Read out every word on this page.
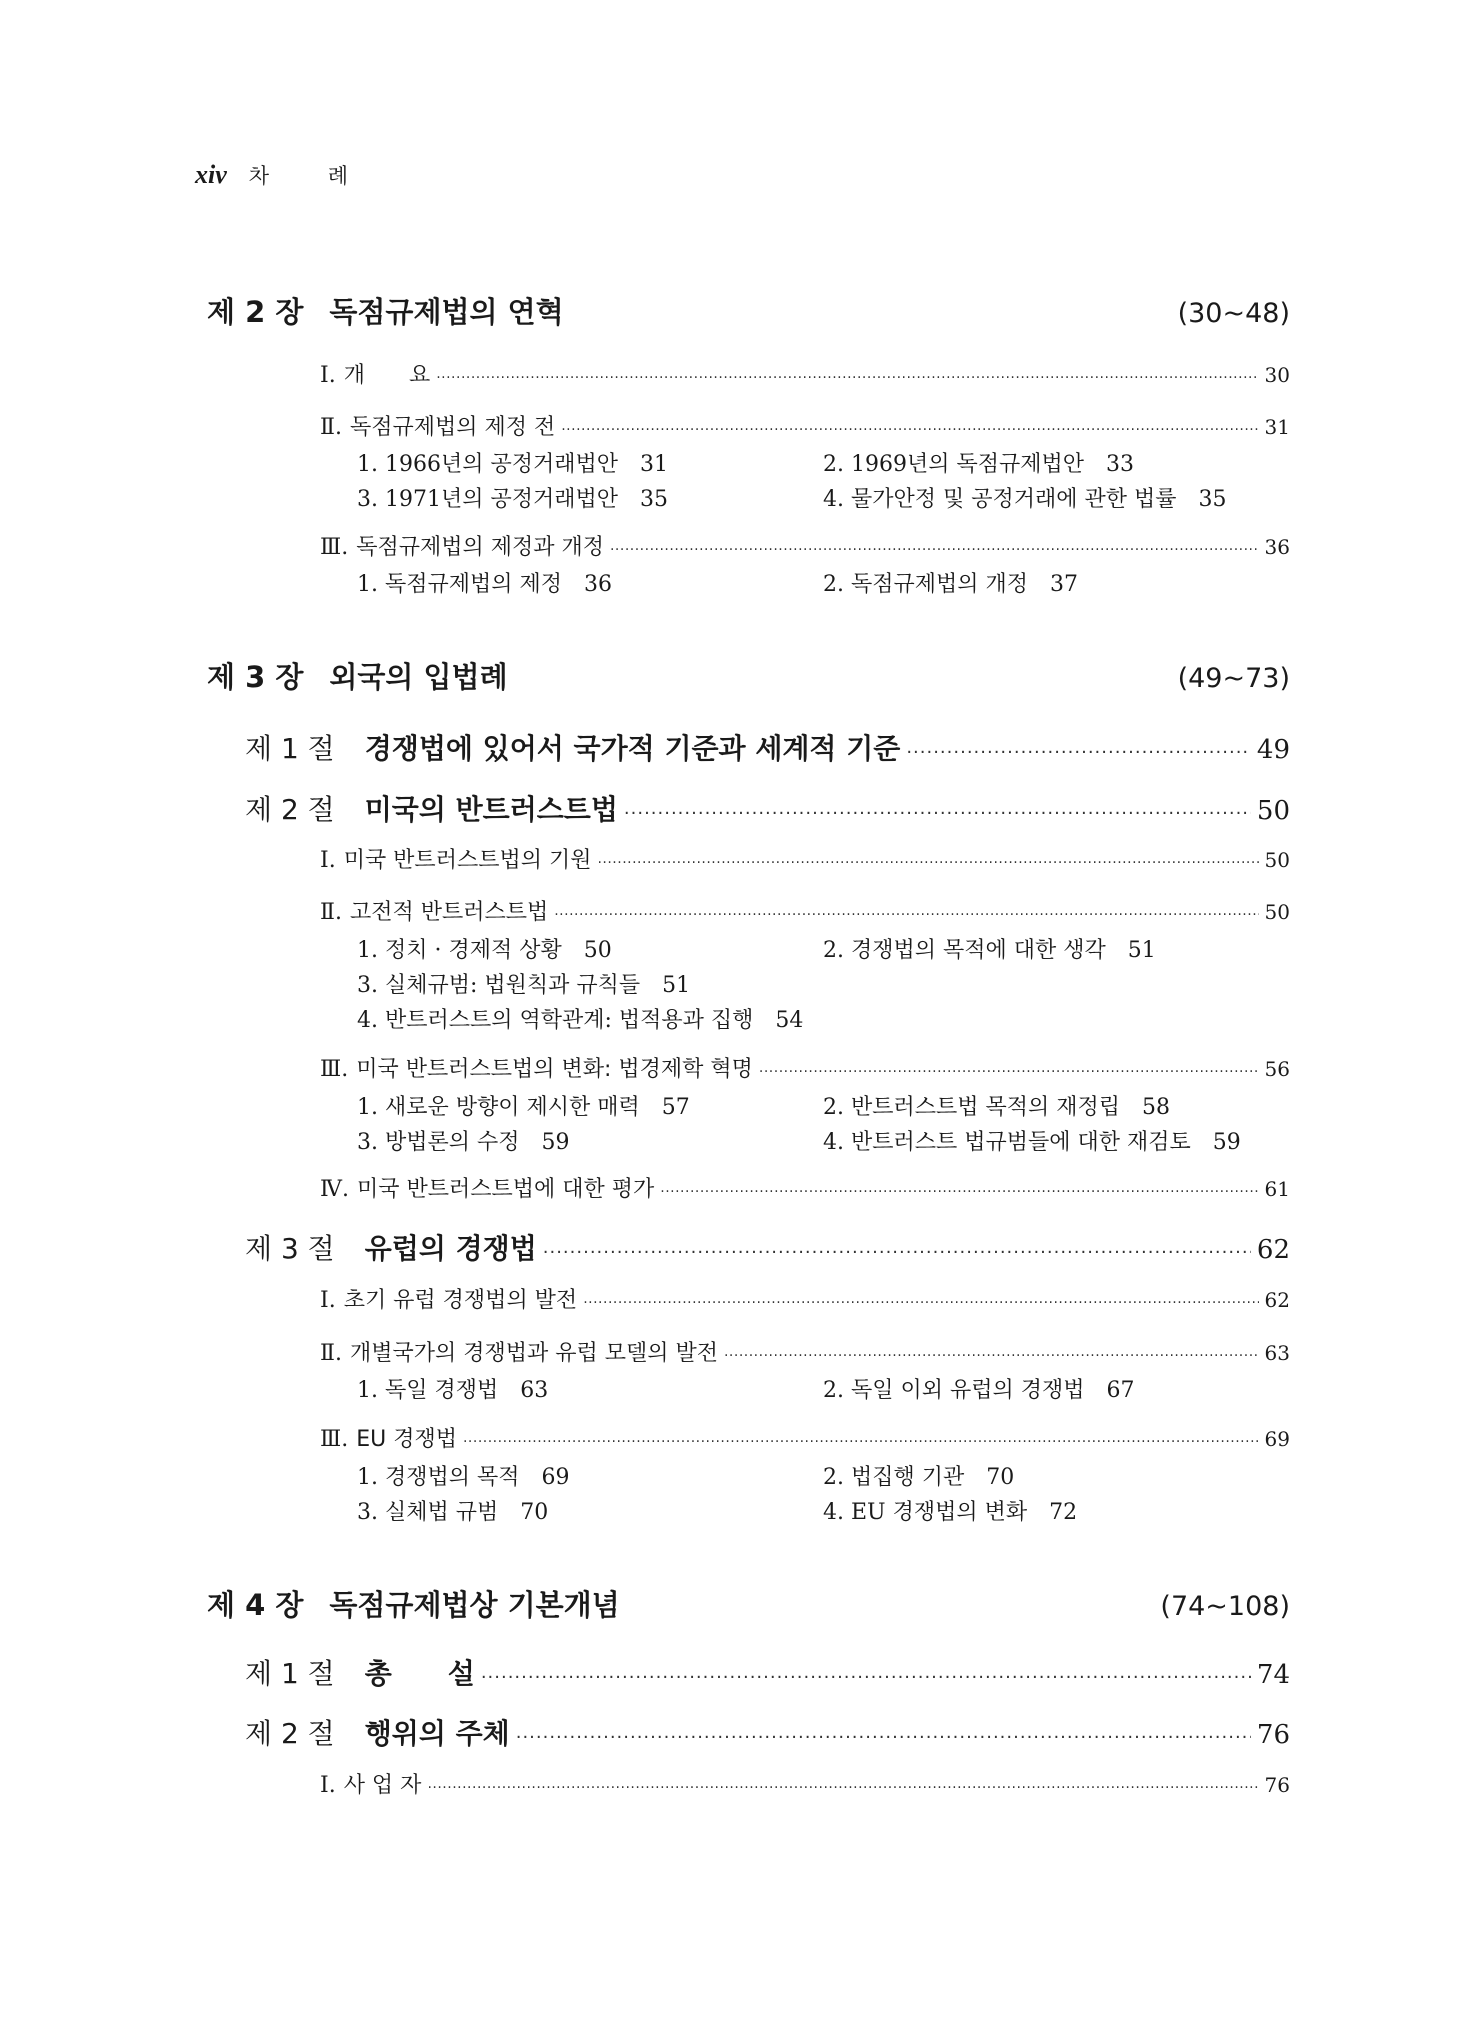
xiv 차 례
제 2 장 독점규제법의 연혁	(30~48)
Ⅰ. 개　　요 ·····	30
Ⅱ. 독점규제법의 제정 전 ·····	31
1. 1966년의 공정거래법안　31	2. 1969년의 독점규제법안　33
3. 1971년의 공정거래법안　35	4. 물가안정 및 공정거래에 관한 법률　35
Ⅲ. 독점규제법의 제정과 개정 ·····	36
1. 독점규제법의 제정　36	2. 독점규제법의 개정　37
제 3 장 외국의 입법례	(49~73)
제 1 절 경쟁법에 있어서 국가적 기준과 세계적 기준 ·····	49
제 2 절 미국의 반트러스트법 ·····	50
Ⅰ. 미국 반트러스트법의 기원 ·····	50
Ⅱ. 고전적 반트러스트법 ·····	50
1. 정치 · 경제적 상황　50	2. 경쟁법의 목적에 대한 생각　51
3. 실체규범: 법원칙과 규칙들　51
4. 반트러스트의 역학관계: 법적용과 집행　54
Ⅲ. 미국 반트러스트법의 변화: 법경제학 혁명 ·····	56
1. 새로운 방향이 제시한 매력　57	2. 반트러스트법 목적의 재정립　58
3. 방법론의 수정　59	4. 반트러스트 법규범들에 대한 재검토　59
Ⅳ. 미국 반트러스트법에 대한 평가 ·····	61
제 3 절 유럽의 경쟁법 ·····	62
Ⅰ. 초기 유럽 경쟁법의 발전 ·····	62
Ⅱ. 개별국가의 경쟁법과 유럽 모델의 발전 ·····	63
1. 독일 경쟁법　63	2. 독일 이외 유럽의 경쟁법　67
Ⅲ. EU 경쟁법 ·····	69
1. 경쟁법의 목적　69	2. 법집행 기관　70
3. 실체법 규범　70	4. EU 경쟁법의 변화　72
제 4 장 독점규제법상 기본개념	(74~108)
제 1 절 총　　설 ·····	74
제 2 절 행위의 주체 ·····	76
Ⅰ. 사 업 자 ·····	76
